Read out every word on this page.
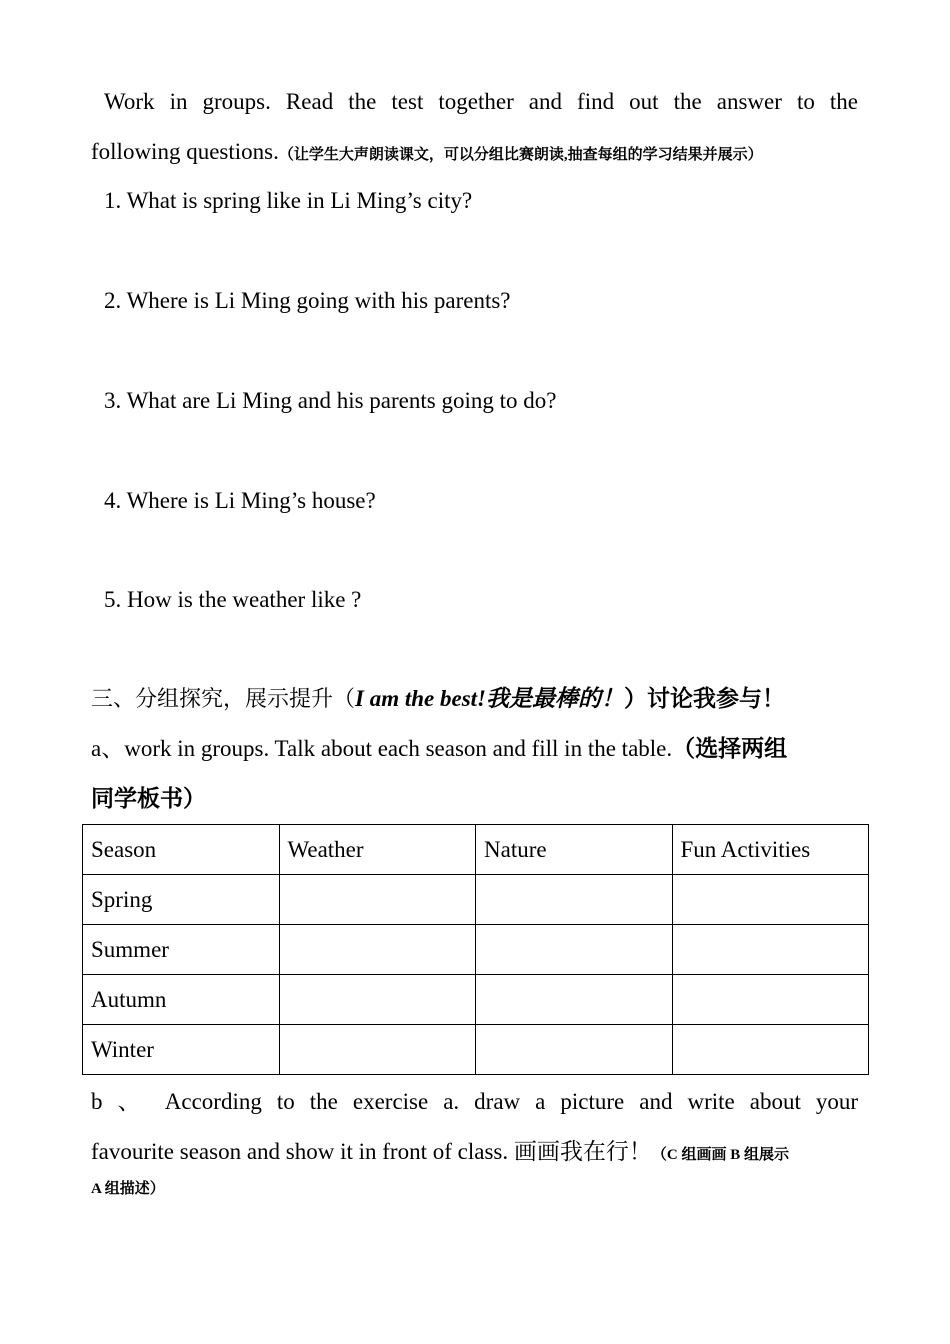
Work in groups. Read the test together and find out the answer to the

following questions.（让学生大声朗读课文，可以分组比赛朗读,抽查每组的学习结果并展示）

1. What is spring like in Li Ming’s city?

2. Where is Li Ming going with his parents?

3. What are Li Ming and his parents going to do?

4. Where is Li Ming’s house?

5. How is the weather like ?

三、分组探究，展示提升（I am the best!我是最棒的！）讨论我参与！

a、work in groups. Talk about each season and fill in the table.（选择两组

同学板书）

Season	Weather	Nature	Fun Activities
Spring			
Summer			
Autumn			
Winter			

b 、 According to the exercise a. draw a picture and write about your

favourite season and show it in front of class. 画画我在行！（C 组画画 B 组展示

A 组描述）
